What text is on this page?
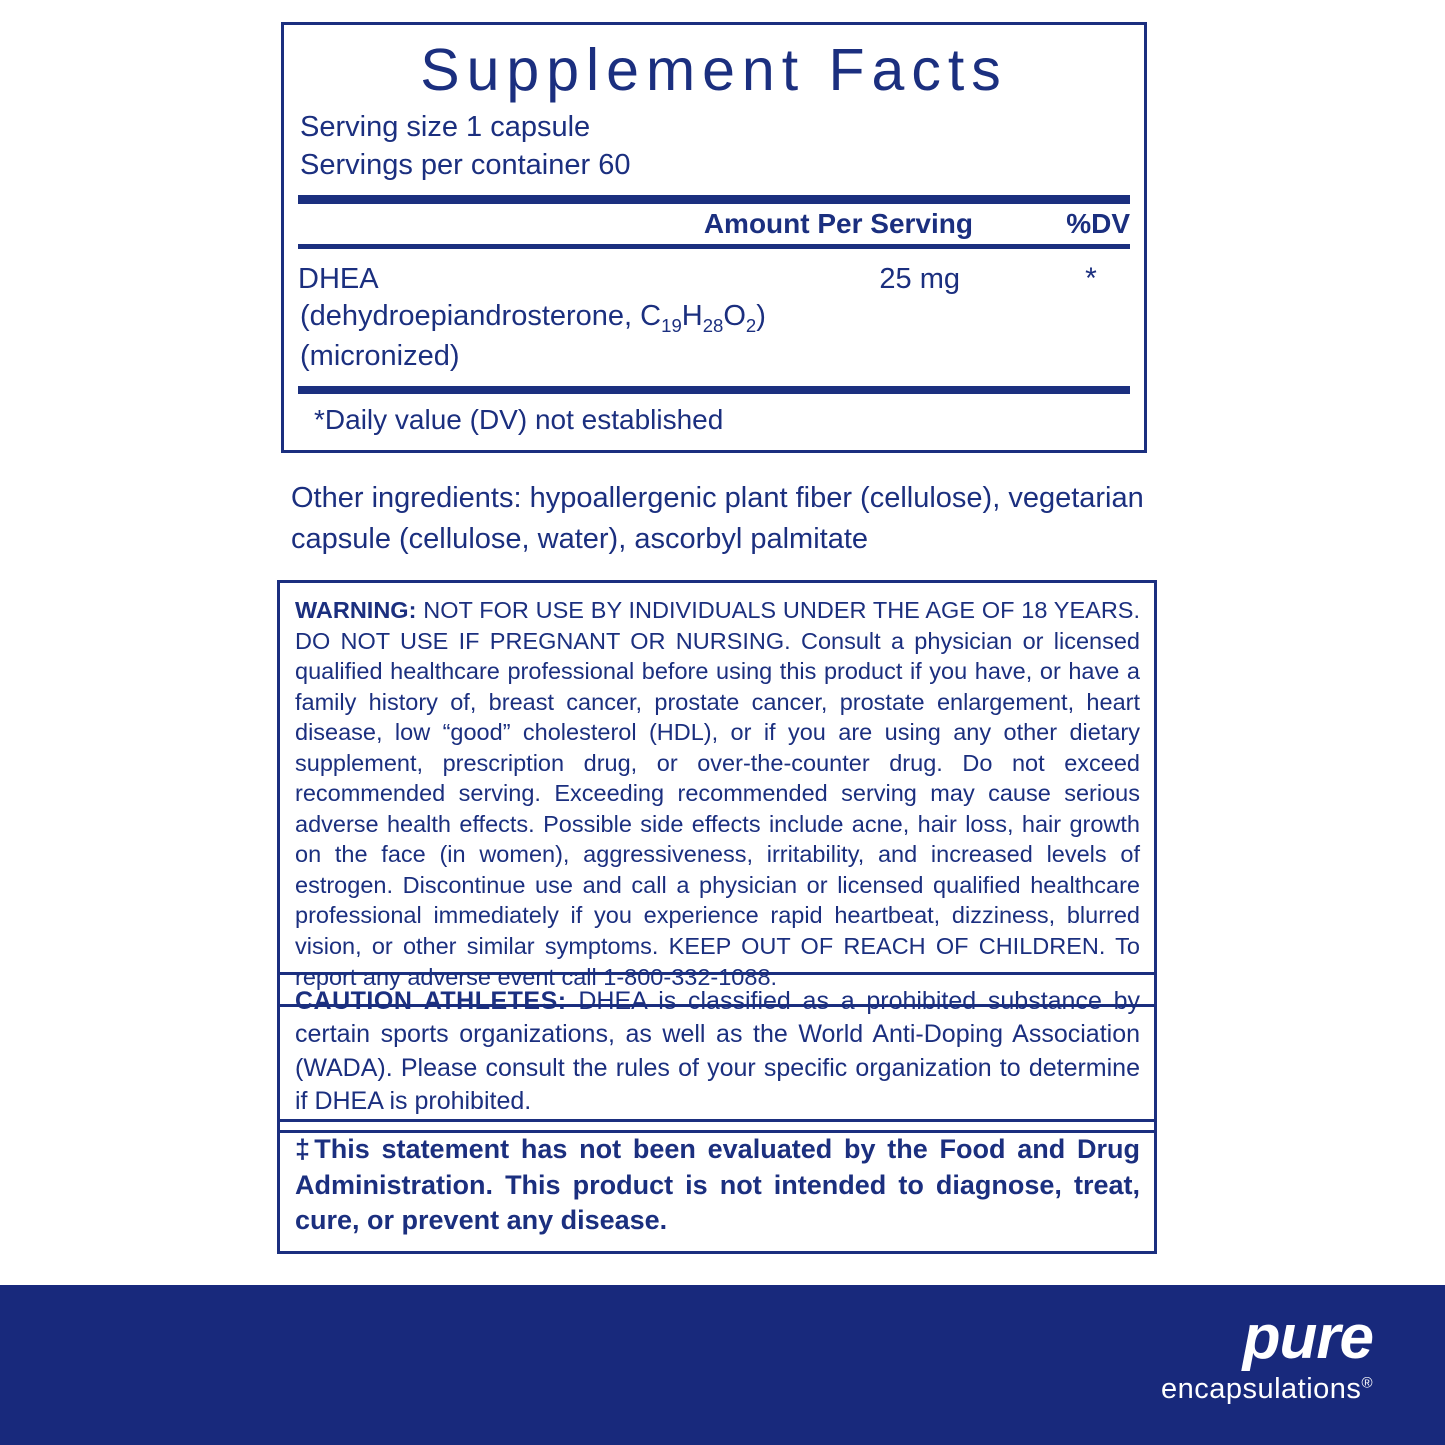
Supplement Facts
Serving size 1 capsule
Servings per container 60
Amount Per Serving	%DV
DHEA	25 mg	*
(dehydroepiandrosterone, $C_{19}H_{28}O_2$)
(micronized)
*Daily value (DV) not established
Other ingredients: hypoallergenic plant fiber (cellulose), vegetarian capsule (cellulose, water), ascorbyl palmitate
WARNING: NOT FOR USE BY INDIVIDUALS UNDER THE AGE OF 18 YEARS. DO NOT USE IF PREGNANT OR NURSING. Consult a physician or licensed qualified healthcare professional before using this product if you have, or have a family history of, breast cancer, prostate cancer, prostate enlargement, heart disease, low “good” cholesterol (HDL), or if you are using any other dietary supplement, prescription drug, or over-the-counter drug. Do not exceed recommended serving. Exceeding recommended serving may cause serious adverse health effects. Possible side effects include acne, hair loss, hair growth on the face (in women), aggressiveness, irritability, and increased levels of estrogen. Discontinue use and call a physician or licensed qualified healthcare professional immediately if you experience rapid heartbeat, dizziness, blurred vision, or other similar symptoms. KEEP OUT OF REACH OF CHILDREN. To report any adverse event call 1-800-332-1088.
CAUTION ATHLETES: DHEA is classified as a prohibited substance by certain sports organizations, as well as the World Anti-Doping Association (WADA). Please consult the rules of your specific organization to determine if DHEA is prohibited.
‡This statement has not been evaluated by the Food and Drug Administration. This product is not intended to diagnose, treat, cure, or prevent any disease.
pure
encapsulations®
